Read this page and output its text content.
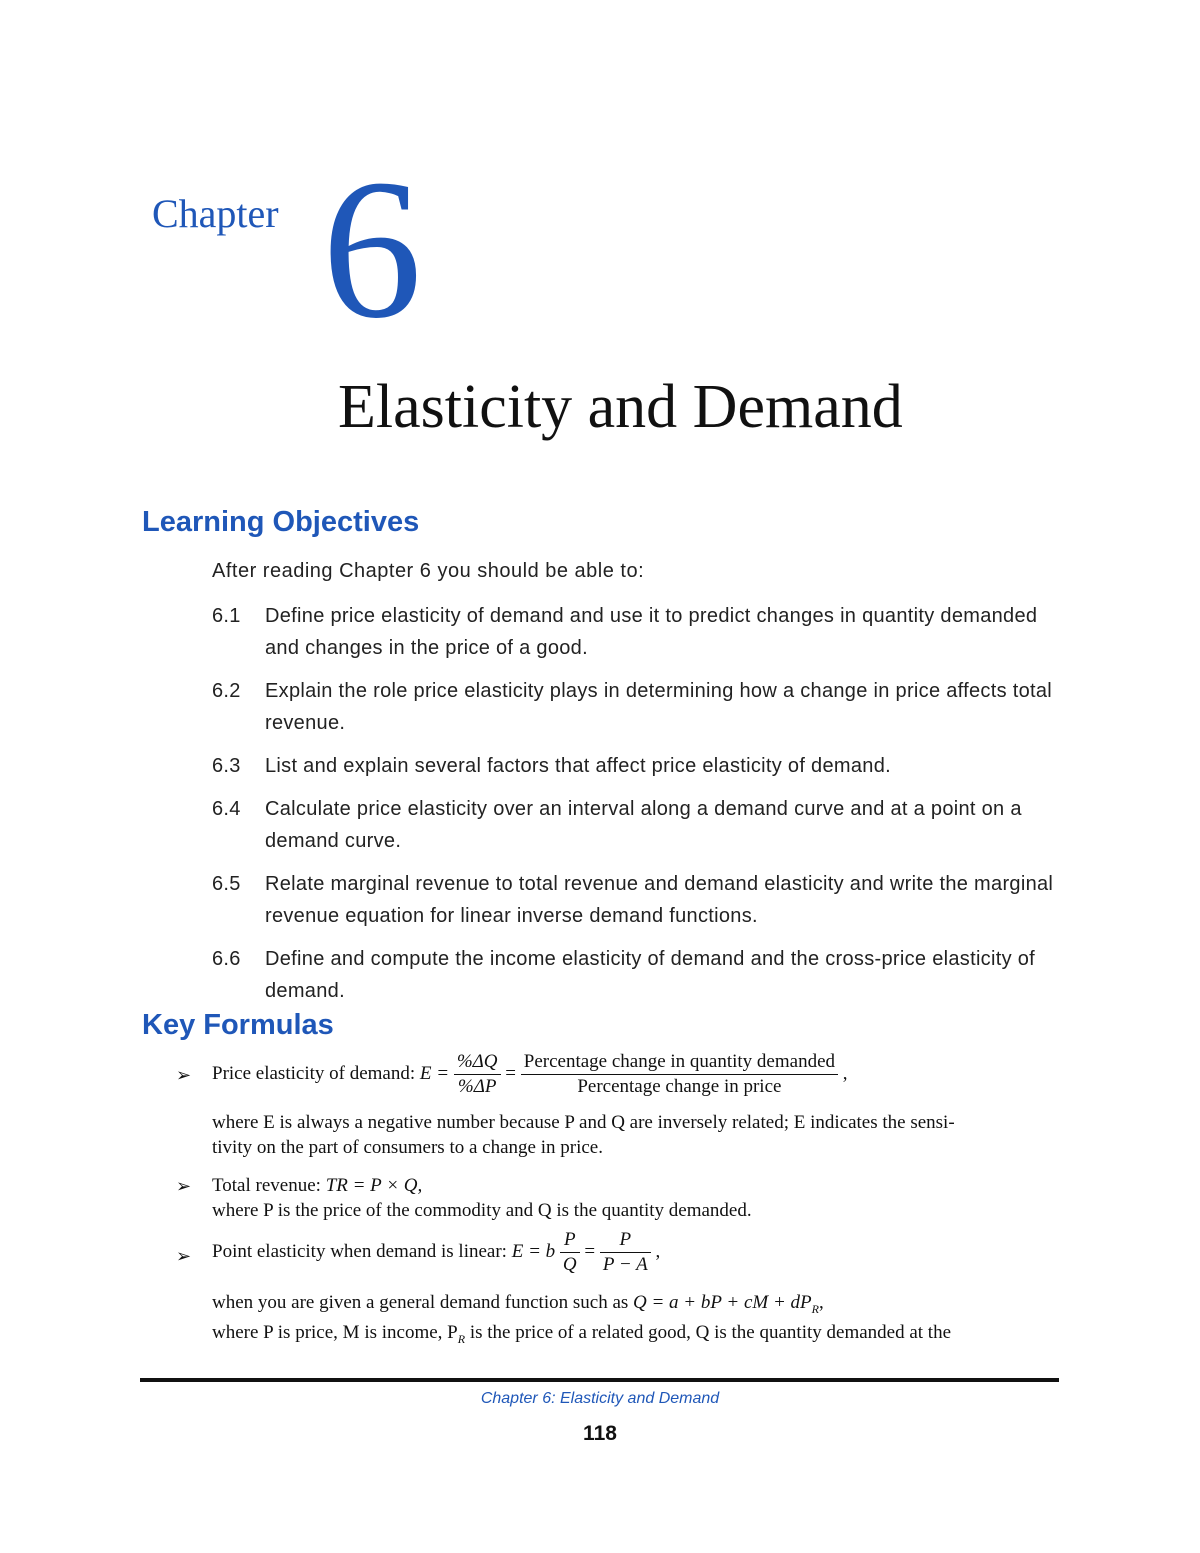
Chapter 6
Elasticity and Demand
Learning Objectives
After reading Chapter 6 you should be able to:
6.1	Define price elasticity of demand and use it to predict changes in quantity demanded and changes in the price of a good.
6.2	Explain the role price elasticity plays in determining how a change in price affects total revenue.
6.3	List and explain several factors that affect price elasticity of demand.
6.4	Calculate price elasticity over an interval along a demand curve and at a point on a demand curve.
6.5	Relate marginal revenue to total revenue and demand elasticity and write the marginal revenue equation for linear inverse demand functions.
6.6	Define and compute the income elasticity of demand and the cross-price elasticity of demand.
Key Formulas
➢ Price elasticity of demand: $E = \frac{\%\Delta Q}{\%\Delta P} = \frac{\text{Percentage change in quantity demanded}}{\text{Percentage change in price}}$ ,
where E is always a negative number because P and Q are inversely related; E indicates the sensi-
tivity on the part of consumers to a change in price.
➢ Total revenue: TR = P × Q,
where P is the price of the commodity and Q is the quantity demanded.
➢ Point elasticity when demand is linear: E = b $\frac{P}{Q} = \frac{P}{P - A}$ ,
when you are given a general demand function such as Q = a + bP + cM + $dP_R$,
where P is price, M is income, $P_R$ is the price of a related good, Q is the quantity demanded at the
Chapter 6: Elasticity and Demand
118
